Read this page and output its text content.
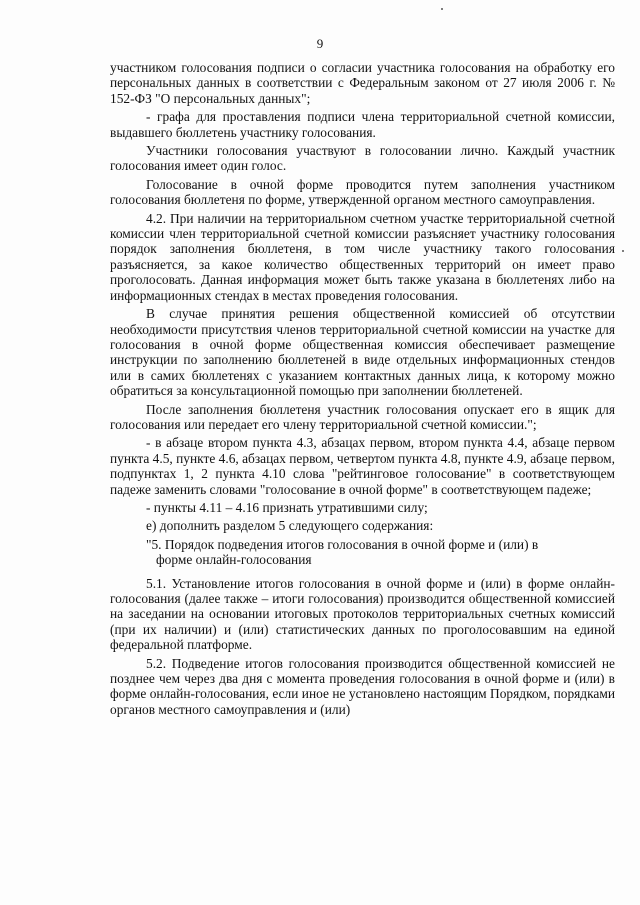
9

участником голосования подписи о согласии участника голосования на обработку его персональных данных в соответствии с Федеральным законом от 27 июля 2006 г. № 152-ФЗ "О персональных данных";

- графа для проставления подписи члена территориальной счетной комиссии, выдавшего бюллетень участнику голосования.

Участники голосования участвуют в голосовании лично. Каждый участник голосования имеет один голос.

Голосование в очной форме проводится путем заполнения участником голосования бюллетеня по форме, утвержденной органом местного самоуправления.

4.2. При наличии на территориальном счетном участке территориальной счетной комиссии член территориальной счетной комиссии разъясняет участнику голосования порядок заполнения бюллетеня, в том числе участнику такого голосования разъясняется, за какое количество общественных территорий он имеет право проголосовать. Данная информация может быть также указана в бюллетенях либо на информационных стендах в местах проведения голосования.

В случае принятия решения общественной комиссией об отсутствии необходимости присутствия членов территориальной счетной комиссии на участке для голосования в очной форме общественная комиссия обеспечивает размещение инструкции по заполнению бюллетеней в виде отдельных информационных стендов или в самих бюллетенях с указанием контактных данных лица, к которому можно обратиться за консультационной помощью при заполнении бюллетеней.

После заполнения бюллетеня участник голосования опускает его в ящик для голосования или передает его члену территориальной счетной комиссии.";

- в абзаце втором пункта 4.3, абзацах первом, втором пункта 4.4, абзаце первом пункта 4.5, пункте 4.6, абзацах первом, четвертом пункта 4.8, пункте 4.9, абзаце первом, подпунктах 1, 2 пункта 4.10 слова "рейтинговое голосование" в соответствующем падеже заменить словами "голосование в очной форме" в соответствующем падеже;

- пункты 4.11 – 4.16 признать утратившими силу;

е) дополнить разделом 5 следующего содержания:

"5. Порядок подведения итогов голосования в очной форме и (или) в
форме онлайн-голосования

5.1. Установление итогов голосования в очной форме и (или) в форме онлайн-голосования (далее также – итоги голосования) производится общественной комиссией на заседании на основании итоговых протоколов территориальных счетных комиссий (при их наличии) и (или) статистических данных по проголосовавшим на единой федеральной платформе.

5.2. Подведение итогов голосования производится общественной комиссией не позднее чем через два дня с момента проведения голосования в очной форме и (или) в форме онлайн-голосования, если иное не установлено настоящим Порядком, порядками органов местного самоуправления и (или)
